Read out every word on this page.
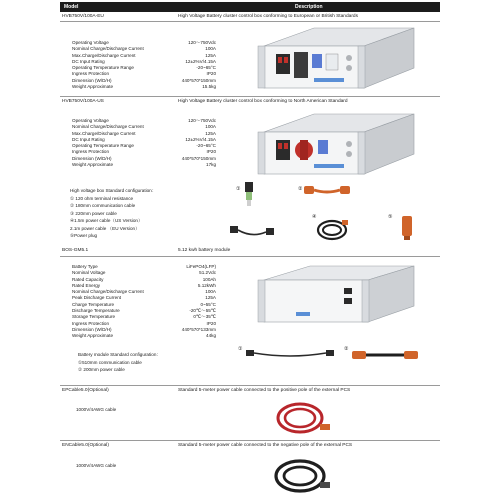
Model	Description
HVB750V/100A-EU	High Voltage Battery cluster control box conforming to European or British Standards
Operating Voltage	120～750Vdc
Nominal Charge/Discharge Current	100A
Max.Charge/Discharge Current	125A
DC Input Rating	12±2%V/4.15A
Operating Temperature Range	-20~65°C
Ingress Protection	IP20
Dimension (W/D/H)	440*570*150mm
Weight Approximate	15.5kg
HVB750V/100A-US	High Voltage Battery cluster control box conforming to North American Standard
Operating Voltage	120～750Vdc
Nominal Charge/Discharge Current	100A
Max.Charge/Discharge Current	125A
DC Input Rating	12±2%V/4.15A
Operating Temperature Range	-20~65°C
Ingress Protection	IP20
Dimension (W/D/H)	440*570*150mm
Weight Approximate	17kg
High voltage box Standard configuration：
① 120 ohm terminal resistance
② 180mm communication cable
③ 220mm power cable
④1.5m power cable（US Version）
2.1m power cable （EU Version）
⑤Power plug
①	②
④	⑤
BOS-GM5.1	5.12 kwh battery module
Battery Type	LiFePO4(LFP)
Nominal Voltage	51.2Vdc
Rated Capacity	100Ah
Rated Energy	5.12kWh
Nominal Charge/Discharge Current	100A
Peak Discharge Current	125A
Charge Temperature	0~55°C
Discharge Temperature	-20℃～55℃
Storage Temperature	0℃～35℃
Ingress Protection	IP20
Dimension (W/D/H)	440*570*133mm
Weight Approximate	44kg
Battery module Standard configuration：
①510mm communication cable
② 200mm power cable
①	②
EPCable5.0(Optional)	Standard 5-meter power cable connected to the positive pole of the external PCS
1000V/4AWG cable
ENCable5.0(Optional)	Standard 5-meter power cable connected to the negative pole of the external PCS
1000V/4AWG cable
